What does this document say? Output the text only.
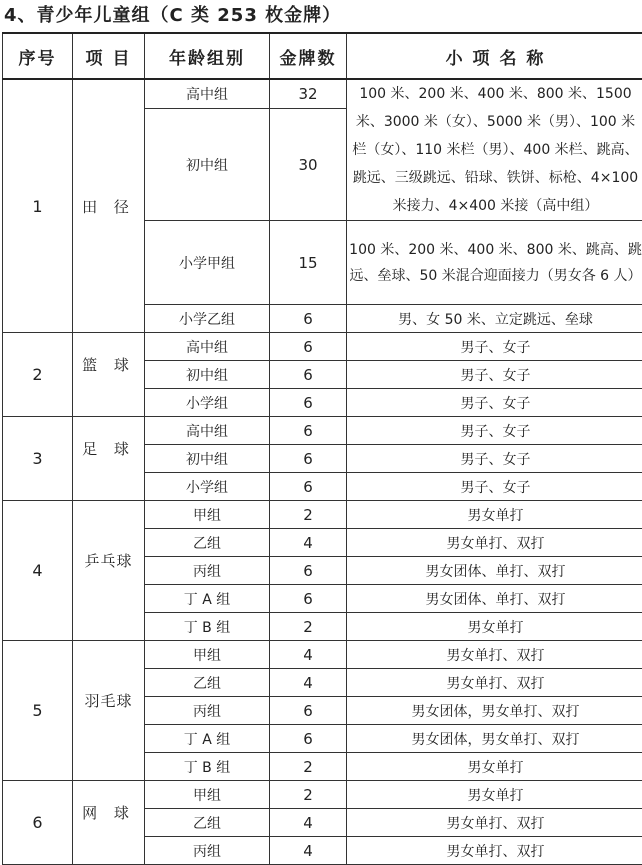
4、青少年儿童组（C 类 253 枚金牌）
序号	项 目	年龄组别	金牌数	小 项 名 称
1	田 径	高中组	32	100 米、200 米、400 米、800 米、1500 米、3000 米（女）、5000 米（男）、100 米栏（女）、110 米栏（男）、400 米栏、跳高、跳远、三级跳远、铅球、铁饼、标枪、4×100 米接力、4×400 米接（高中组）
		初中组	30	
		小学甲组	15	100 米、200 米、400 米、800 米、跳高、跳远、垒球、50 米混合迎面接力（男女各 6 人）
		小学乙组	6	男、女 50 米、立定跳远、垒球
2	篮 球	高中组	6	男子、女子
		初中组	6	男子、女子
		小学组	6	男子、女子
3	足 球	高中组	6	男子、女子
		初中组	6	男子、女子
		小学组	6	男子、女子
4	乒乓球	甲组	2	男女单打
		乙组	4	男女单打、双打
		丙组	6	男女团体、单打、双打
		丁 A 组	6	男女团体、单打、双打
		丁 B 组	2	男女单打
5	羽毛球	甲组	4	男女单打、双打
		乙组	4	男女单打、双打
		丙组	6	男女团体，男女单打、双打
		丁 A 组	6	男女团体，男女单打、双打
		丁 B 组	2	男女单打
6	网 球	甲组	2	男女单打
		乙组	4	男女单打、双打
		丙组	4	男女单打、双打
